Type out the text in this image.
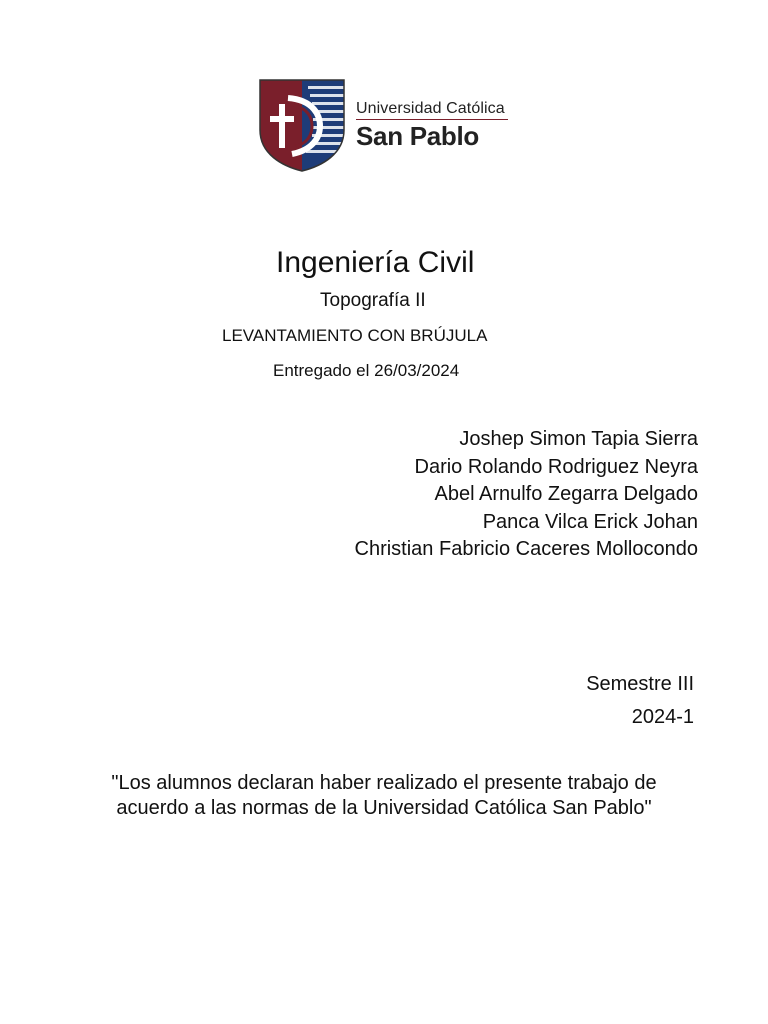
Universidad Católica
San Pablo
Ingeniería Civil
Topografía II
LEVANTAMIENTO CON BRÚJULA
Entregado el 26/03/2024
Joshep Simon Tapia Sierra
Dario Rolando Rodriguez Neyra
Abel Arnulfo Zegarra Delgado
Panca Vilca Erick Johan
Christian Fabricio Caceres Mollocondo
Semestre III
2024-1
"Los alumnos declaran haber realizado el presente trabajo de
acuerdo a las normas de la Universidad Católica San Pablo"
